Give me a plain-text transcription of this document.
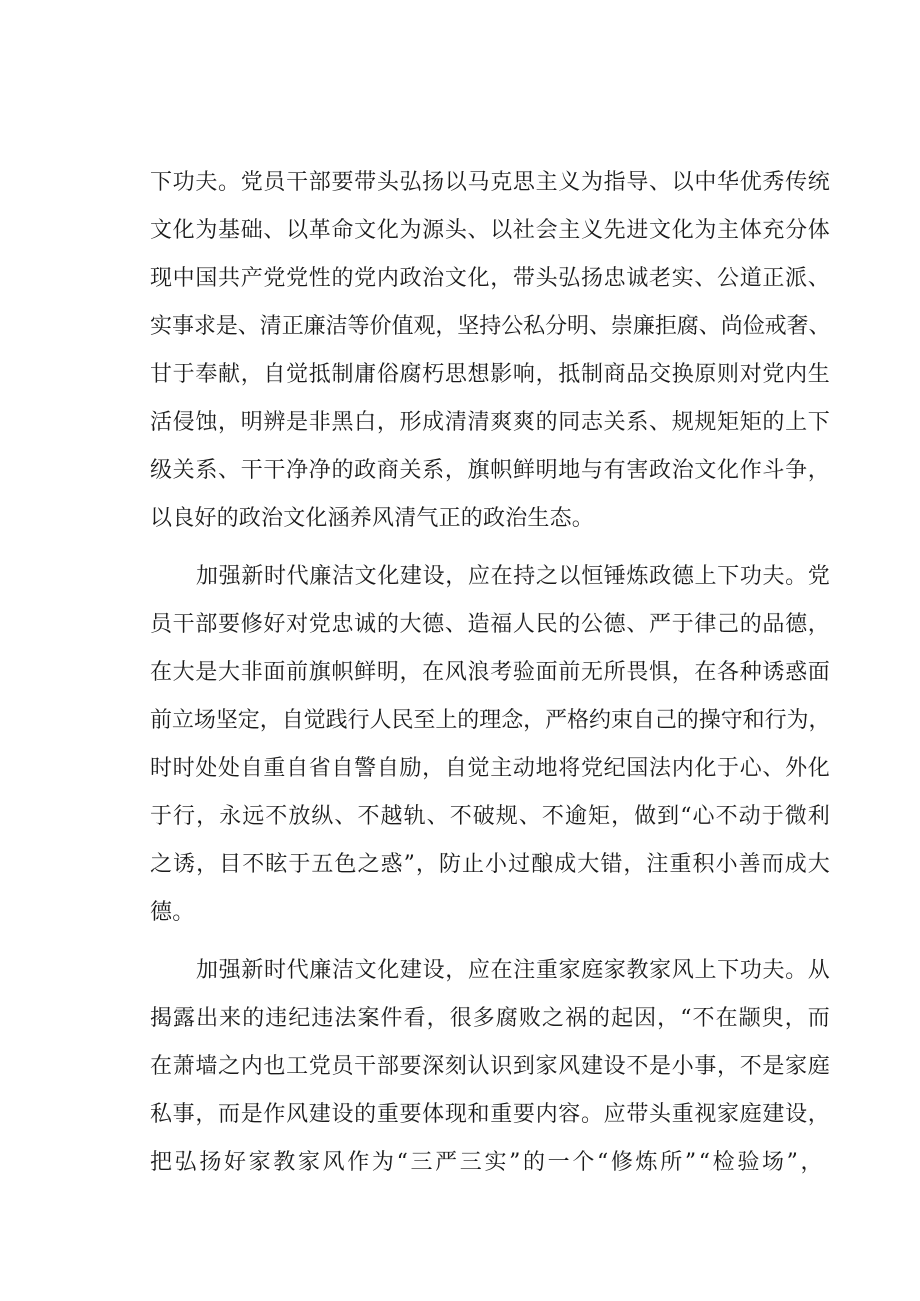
下功夫。党员干部要带头弘扬以马克思主义为指导、以中华优秀传统
文化为基础、以革命文化为源头、以社会主义先进文化为主体充分体
现中国共产党党性的党内政治文化，带头弘扬忠诚老实、公道正派、
实事求是、清正廉洁等价值观，坚持公私分明、崇廉拒腐、尚俭戒奢、
甘于奉献，自觉抵制庸俗腐朽思想影响，抵制商品交换原则对党内生
活侵蚀，明辨是非黑白，形成清清爽爽的同志关系、规规矩矩的上下
级关系、干干净净的政商关系，旗帜鲜明地与有害政治文化作斗争，
以良好的政治文化涵养风清气正的政治生态。
加强新时代廉洁文化建设，应在持之以恒锤炼政德上下功夫。党
员干部要修好对党忠诚的大德、造福人民的公德、严于律己的品德，
在大是大非面前旗帜鲜明，在风浪考验面前无所畏惧，在各种诱惑面
前立场坚定，自觉践行人民至上的理念，严格约束自己的操守和行为，
时时处处自重自省自警自励，自觉主动地将党纪国法内化于心、外化
于行，永远不放纵、不越轨、不破规、不逾矩，做到“心不动于微利
之诱，目不眩于五色之惑”，防止小过酿成大错，注重积小善而成大
德。
加强新时代廉洁文化建设，应在注重家庭家教家风上下功夫。从
揭露出来的违纪违法案件看，很多腐败之祸的起因，“不在颛臾，而
在萧墙之内也工党员干部要深刻认识到家风建设不是小事，不是家庭
私事，而是作风建设的重要体现和重要内容。应带头重视家庭建设，
把弘扬好家教家风作为“三严三实”的一个“修炼所”“检验场”，
